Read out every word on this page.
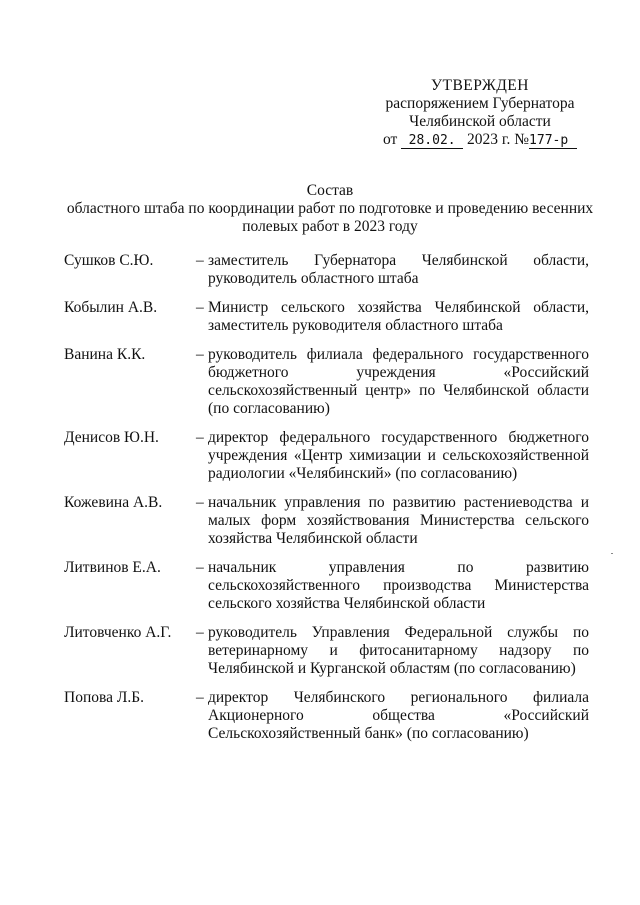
УТВЕРЖДЕН
распоряжением Губернатора
Челябинской области
от 28.02. 2023 г. №177-р
Состав
областного штаба по координации работ по подготовке и проведению весенних
полевых работ в 2023 году
Сушков С.Ю.	– заместитель Губернатора Челябинской области, руководитель областного штаба
Кобылин А.В.	– Министр сельского хозяйства Челябинской области, заместитель руководителя областного штаба
Ванина К.К.	– руководитель филиала федерального государственного бюджетного учреждения «Российский сельскохозяйственный центр» по Челябинской области (по согласованию)
Денисов Ю.Н.	– директор федерального государственного бюджетного учреждения «Центр химизации и сельскохозяйственной радиологии «Челябинский» (по согласованию)
Кожевина А.В.	– начальник управления по развитию растениеводства и малых форм хозяйствования Министерства сельского хозяйства Челябинской области
Литвинов Е.А.	– начальник управления по развитию сельскохозяйственного производства Министерства сельского хозяйства Челябинской области
Литовченко А.Г.	– руководитель Управления Федеральной службы по ветеринарному и фитосанитарному надзору по Челябинской и Курганской областям (по согласованию)
Попова Л.Б.	– директор Челябинского регионального филиала Акционерного общества «Российский Сельскохозяйственный банк» (по согласованию)
